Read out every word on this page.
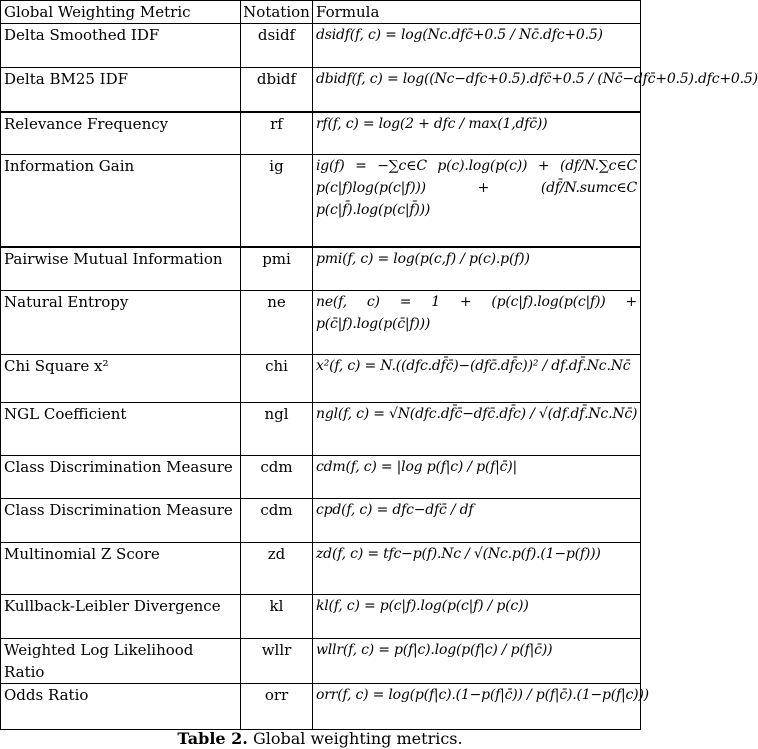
Global Weighting Metric	Notation	Formula
Delta Smoothed IDF	dsidf	dsidf(f, c) = log(Nc.dfc̄+0.5 / Nc̄.dfc+0.5)
Delta BM25 IDF	dbidf	dbidf(f, c) = log((Nc−dfc+0.5).dfc̄+0.5 / (Nc̄−dfc̄+0.5).dfc+0.5)
Relevance Frequency	rf	rf(f, c) = log(2 + dfc / max(1,dfc̄))
Information Gain	ig	ig(f) = −∑c∈C p(c).log(p(c)) + (df/N.∑c∈C p(c|f)log(p(c|f))) + (df̄/N.sumc∈C p(c|f̄).log(p(c|f̄)))
Pairwise Mutual Information	pmi	pmi(f, c) = log(p(c,f) / p(c).p(f))
Natural Entropy	ne	ne(f, c) = 1 + (p(c|f).log(p(c|f)) + p(c̄|f).log(p(c̄|f)))
Chi Square x²	chi	x²(f, c) = N.((dfc.df̄c̄)−(dfc̄.df̄c))² / df.df̄.Nc.Nc̄
NGL Coefficient	ngl	ngl(f, c) = √N(dfc.df̄c̄−dfc̄.df̄c) / √(df.df̄.Nc.Nc̄)
Class Discrimination Measure	cdm	cdm(f, c) = |log p(f|c) / p(f|c̄)|
Class Discrimination Measure	cdm	cpd(f, c) = dfc−dfc̄ / df
Multinomial Z Score	zd	zd(f, c) = tfc−p(f).Nc / √(Nc.p(f).(1−p(f)))
Kullback-Leibler Divergence	kl	kl(f, c) = p(c|f).log(p(c|f) / p(c))
Weighted Log Likelihood Ratio	wllr	wllr(f, c) = p(f|c).log(p(f|c) / p(f|c̄))
Odds Ratio	orr	orr(f, c) = log(p(f|c).(1−p(f|c̄)) / p(f|c̄).(1−p(f|c)))
Table 2. Global weighting metrics.
